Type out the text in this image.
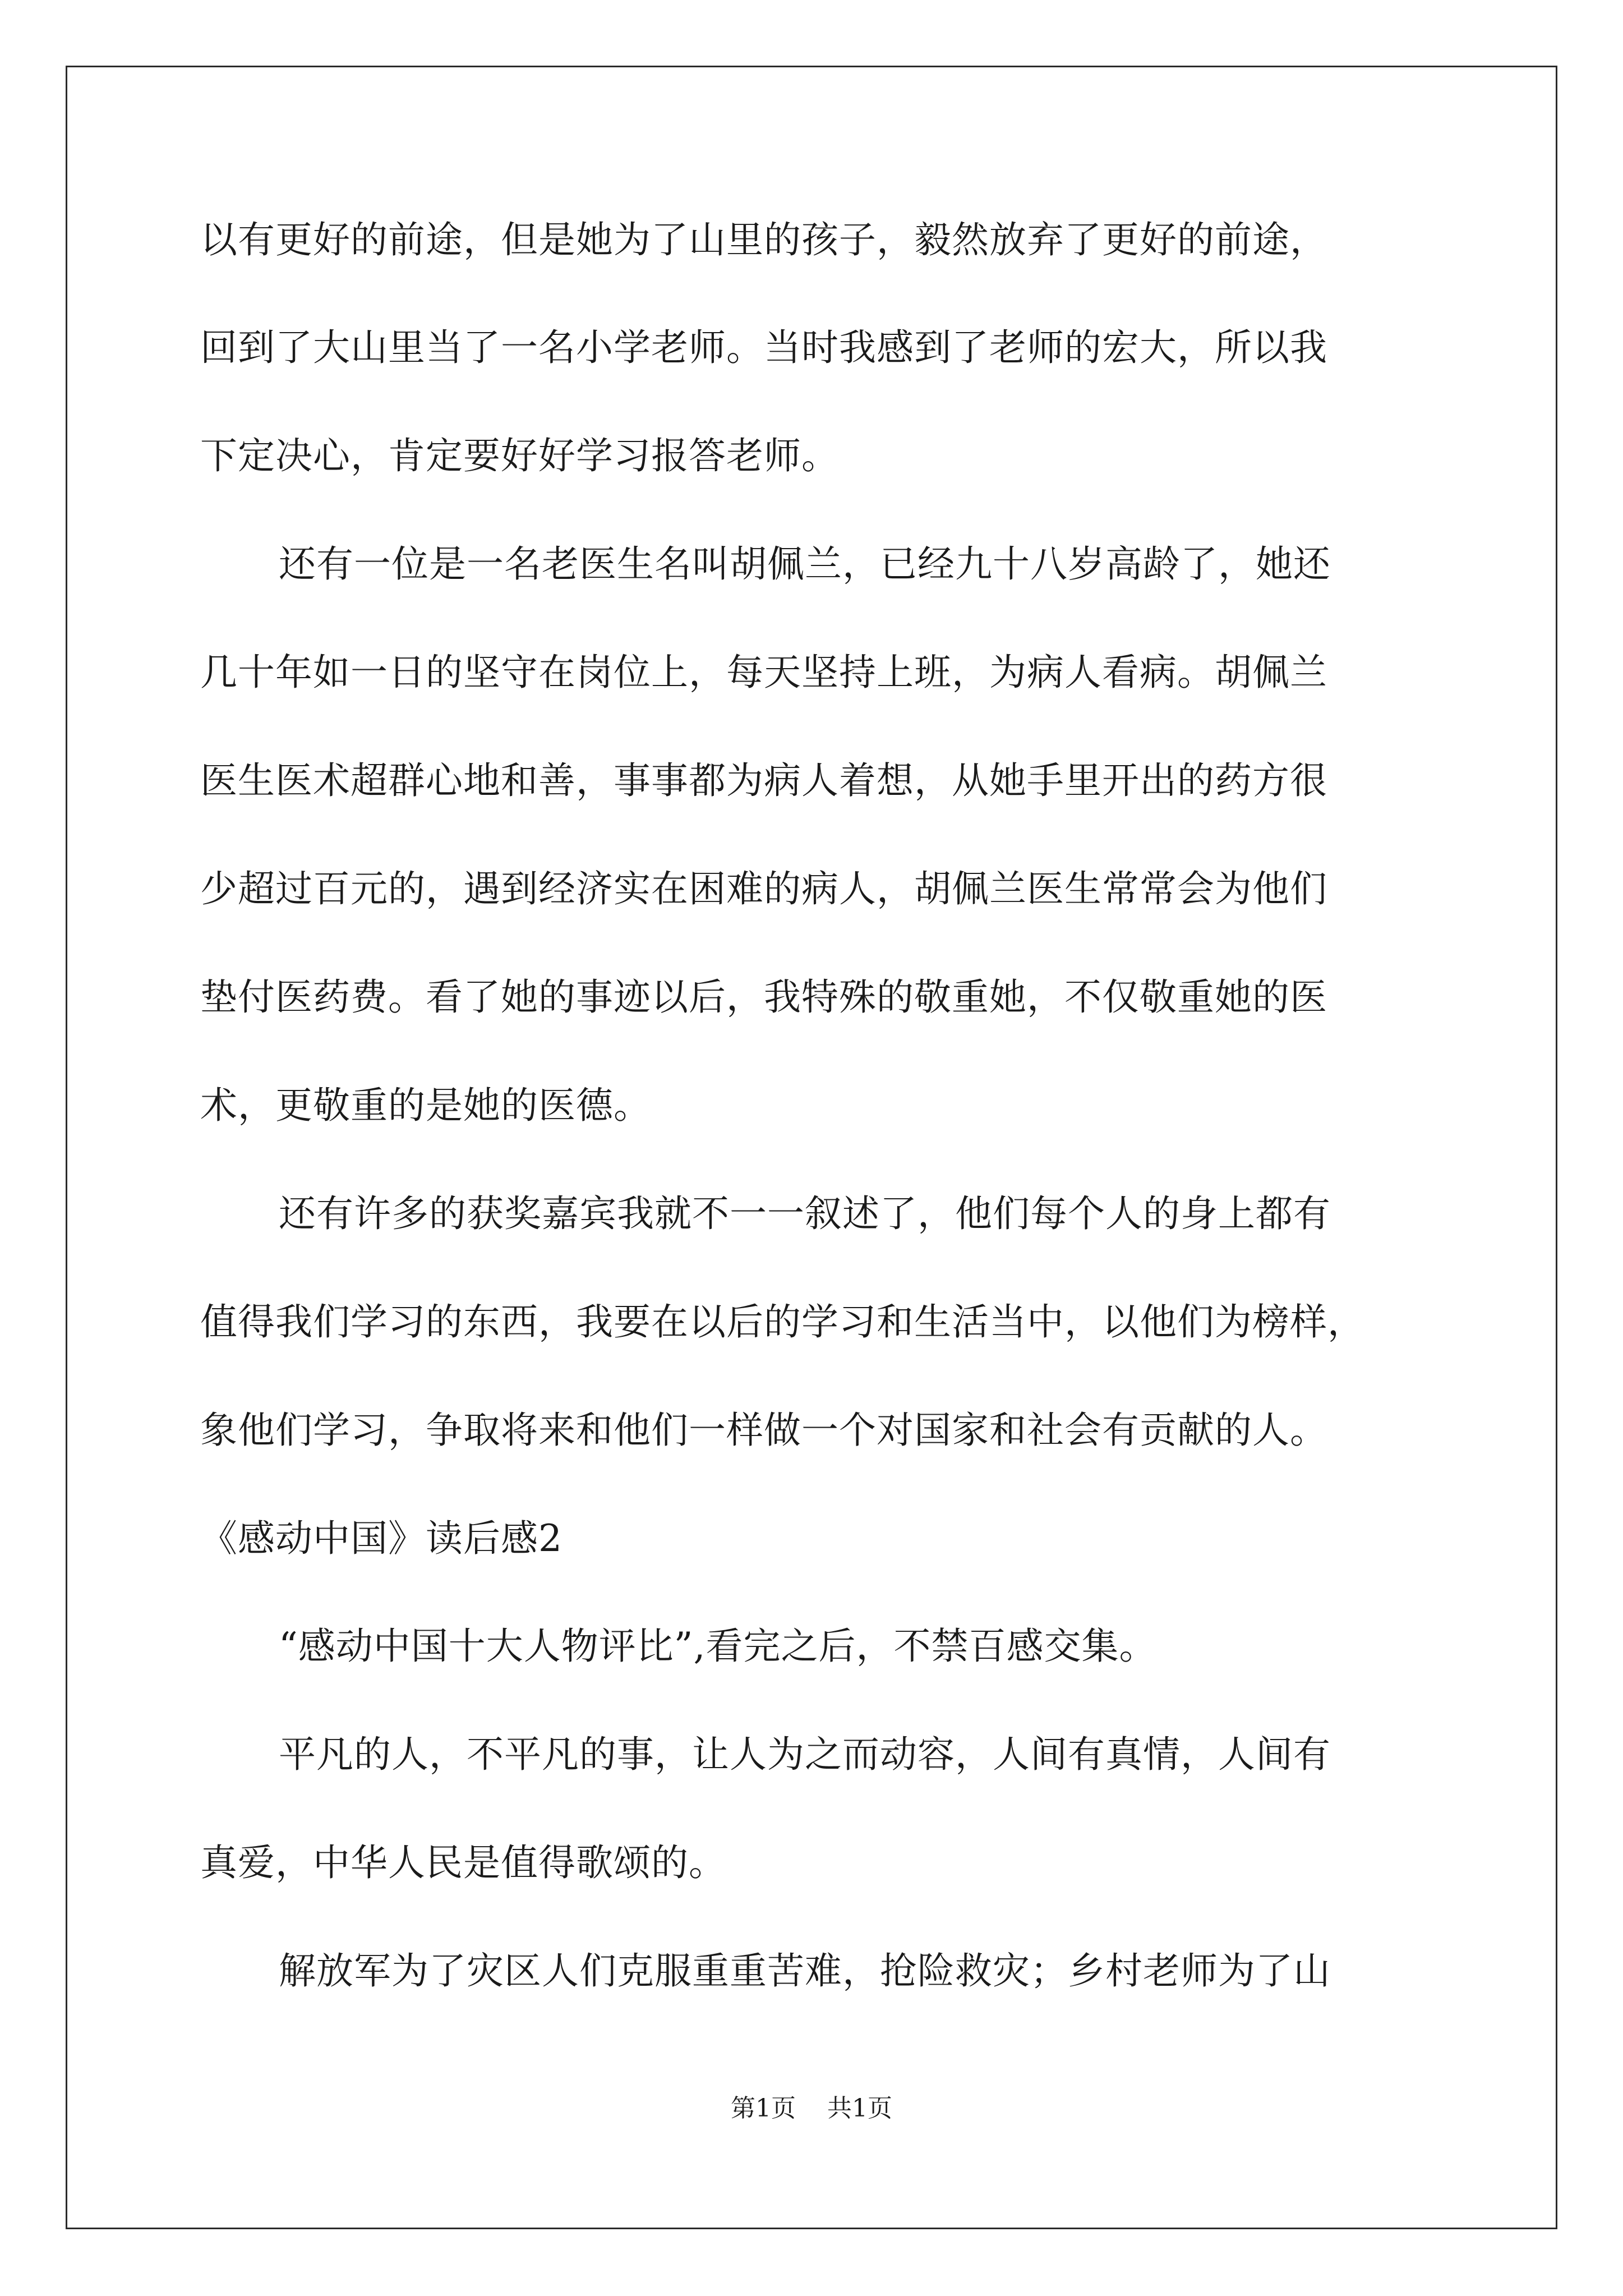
以有更好的前途，但是她为了山里的孩子，毅然放弃了更好的前途，
回到了大山里当了一名小学老师。当时我感到了老师的宏大，所以我
下定决心，肯定要好好学习报答老师。
还有一位是一名老医生名叫胡佩兰，已经九十八岁高龄了，她还
几十年如一日的坚守在岗位上，每天坚持上班，为病人看病。胡佩兰
医生医术超群心地和善，事事都为病人着想，从她手里开出的药方很
少超过百元的，遇到经济实在困难的病人，胡佩兰医生常常会为他们
垫付医药费。看了她的事迹以后，我特殊的敬重她，不仅敬重她的医
术，更敬重的是她的医德。
还有许多的获奖嘉宾我就不一一叙述了，他们每个人的身上都有
值得我们学习的东西，我要在以后的学习和生活当中，以他们为榜样，
象他们学习，争取将来和他们一样做一个对国家和社会有贡献的人。
《感动中国》读后感2
“感动中国十大人物评比”,看完之后，不禁百感交集。
平凡的人，不平凡的事，让人为之而动容，人间有真情，人间有
真爱，中华人民是值得歌颂的。
解放军为了灾区人们克服重重苦难，抢险救灾；乡村老师为了山
第1页    共1页
